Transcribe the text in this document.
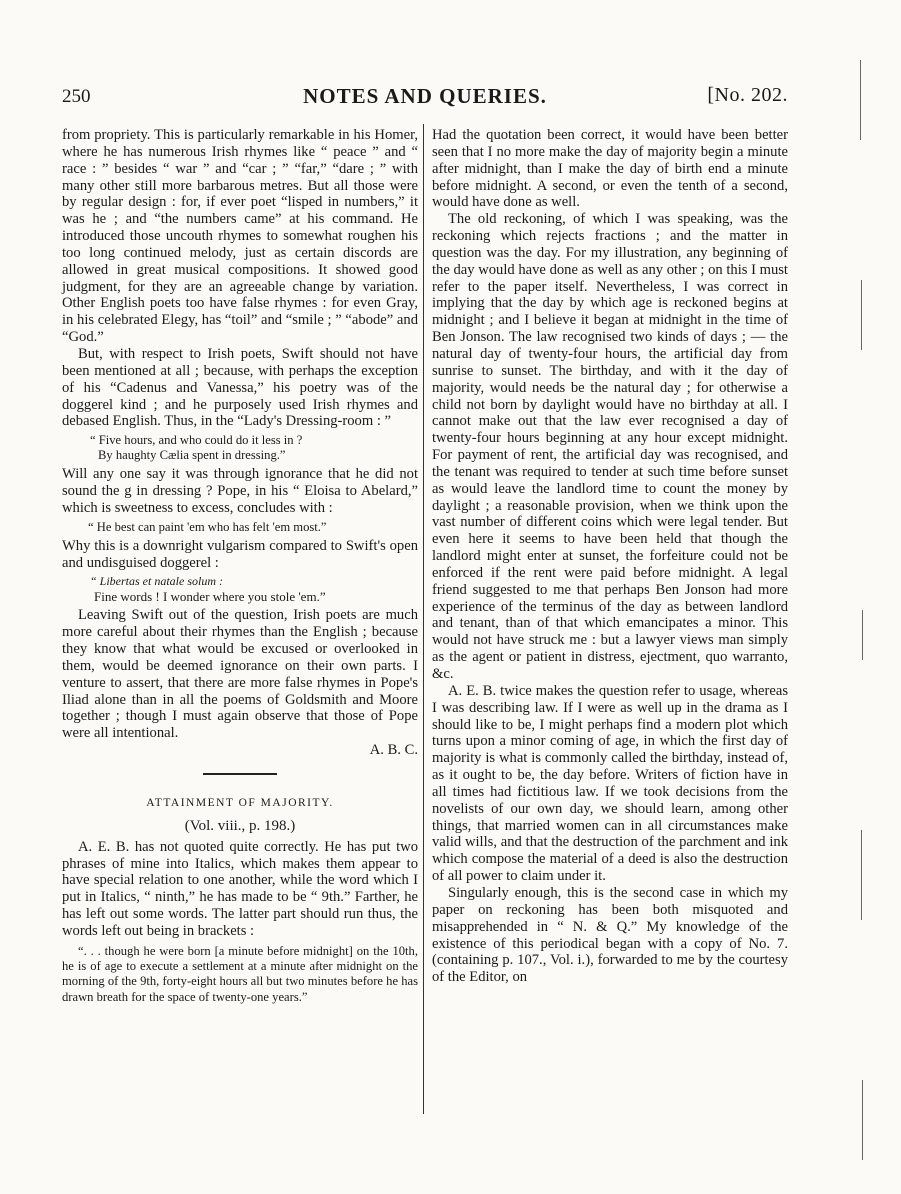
250	NOTES AND QUERIES.	[No. 202.

from propriety. This is particularly remarkable in his Homer, where he has numerous Irish rhymes like “ peace ” and “ race : ” besides “ war ” and “car ; ” “far,” “dare ; ” with many other still more barbarous metres. But all those were by regular design : for, if ever poet “lisped in numbers,” it was he ; and “the numbers came” at his command. He introduced those uncouth rhymes to somewhat roughen his too long continued melody, just as certain discords are allowed in great musical compositions. It showed good judgment, for they are an agreeable change by variation. Other English poets too have false rhymes : for even Gray, in his celebrated Elegy, has “toil” and “smile ; ” “abode” and “God.”

But, with respect to Irish poets, Swift should not have been mentioned at all ; because, with perhaps the exception of his “Cadenus and Vanessa,” his poetry was of the doggerel kind ; and he purposely used Irish rhymes and debased English. Thus, in the “Lady's Dressing-room : ”

“ Five hours, and who could do it less in ?
By haughty Cælia spent in dressing.”

Will any one say it was through ignorance that he did not sound the g in dressing ? Pope, in his “ Eloisa to Abelard,” which is sweetness to excess, concludes with :

“ He best can paint 'em who has felt 'em most.”

Why this is a downright vulgarism compared to Swift's open and undisguised doggerel :

“ Libertas et natale solum :
Fine words ! I wonder where you stole 'em.”

Leaving Swift out of the question, Irish poets are much more careful about their rhymes than the English ; because they know that what would be excused or overlooked in them, would be deemed ignorance on their own parts. I venture to assert, that there are more false rhymes in Pope's Iliad alone than in all the poems of Goldsmith and Moore together ; though I must again observe that those of Pope were all intentional.

A. B. C.

ATTAINMENT OF MAJORITY.
(Vol. viii., p. 198.)

A. E. B. has not quoted quite correctly. He has put two phrases of mine into Italics, which makes them appear to have special relation to one another, while the word which I put in Italics, “ ninth,” he has made to be “ 9th.” Farther, he has left out some words. The latter part should run thus, the words left out being in brackets :

“. . . though he were born [a minute before midnight] on the 10th, he is of age to execute a settlement at a minute after midnight on the morning of the 9th, forty-eight hours all but two minutes before he has drawn breath for the space of twenty-one years.”

Had the quotation been correct, it would have been better seen that I no more make the day of majority begin a minute after midnight, than I make the day of birth end a minute before midnight. A second, or even the tenth of a second, would have done as well.

The old reckoning, of which I was speaking, was the reckoning which rejects fractions ; and the matter in question was the day. For my illustration, any beginning of the day would have done as well as any other ; on this I must refer to the paper itself. Nevertheless, I was correct in implying that the day by which age is reckoned begins at midnight ; and I believe it began at midnight in the time of Ben Jonson. The law recognised two kinds of days ; — the natural day of twenty-four hours, the artificial day from sunrise to sunset. The birthday, and with it the day of majority, would needs be the natural day ; for otherwise a child not born by daylight would have no birthday at all. I cannot make out that the law ever recognised a day of twenty-four hours beginning at any hour except midnight. For payment of rent, the artificial day was recognised, and the tenant was required to tender at such time before sunset as would leave the landlord time to count the money by daylight ; a reasonable provision, when we think upon the vast number of different coins which were legal tender. But even here it seems to have been held that though the landlord might enter at sunset, the forfeiture could not be enforced if the rent were paid before midnight. A legal friend suggested to me that perhaps Ben Jonson had more experience of the terminus of the day as between landlord and tenant, than of that which emancipates a minor. This would not have struck me : but a lawyer views man simply as the agent or patient in distress, ejectment, quo warranto, &c.

A. E. B. twice makes the question refer to usage, whereas I was describing law. If I were as well up in the drama as I should like to be, I might perhaps find a modern plot which turns upon a minor coming of age, in which the first day of majority is what is commonly called the birthday, instead of, as it ought to be, the day before. Writers of fiction have in all times had fictitious law. If we took decisions from the novelists of our own day, we should learn, among other things, that married women can in all circumstances make valid wills, and that the destruction of the parchment and ink which compose the material of a deed is also the destruction of all power to claim under it.

Singularly enough, this is the second case in which my paper on reckoning has been both misquoted and misapprehended in “ N. & Q.” My knowledge of the existence of this periodical began with a copy of No. 7. (containing p. 107., Vol. i.), forwarded to me by the courtesy of the Editor, on
